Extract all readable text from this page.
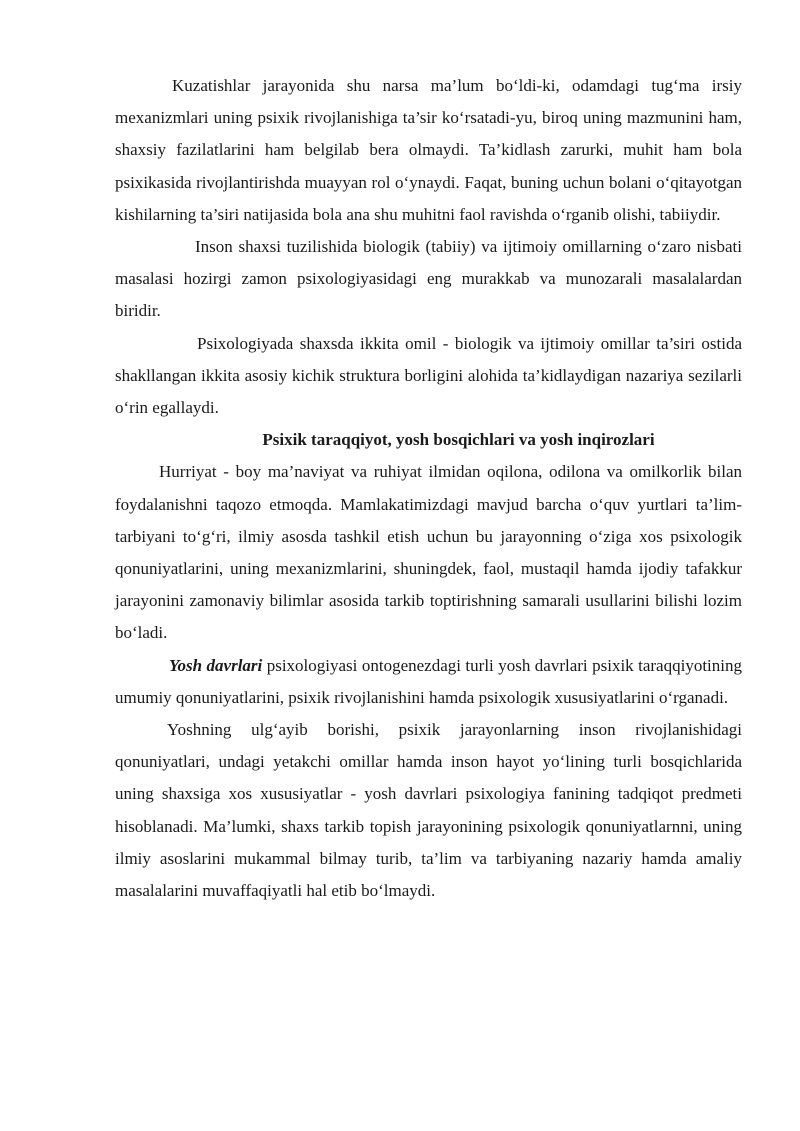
Kuzatishlar jarayonida shu narsa ma’lum bo‘ldi-ki, odamdagi tug‘ma irsiy mexanizmlari uning psixik rivojlanishiga ta’sir ko‘rsatadi-yu, biroq uning mazmunini ham, shaxsiy fazilatlarini ham belgilab bera olmaydi. Ta’kidlash zarurki, muhit ham bola psixikasida rivojlantirishda muayyan rol o‘ynaydi. Faqat, buning uchun bolani o‘qitayotgan kishilarning ta’siri natijasida bola ana shu muhitni faol ravishda o‘rganib olishi, tabiiydir.

Inson shaxsi tuzilishida biologik (tabiiy) va ijtimoiy omillarning o‘zaro nisbati masalasi hozirgi zamon psixologiyasidagi eng murakkab va munozarali masalalardan biridir.

Psixologiyada shaxsda ikkita omil - biologik va ijtimoiy omillar ta’siri ostida shakllangan ikkita asosiy kichik struktura borligini alohida ta’kidlaydigan nazariya sezilarli o‘rin egallaydi.

Psixik taraqqiyot, yosh bosqichlari va yosh inqirozlari

Hurriyat - boy ma’naviyat va ruhiyat ilmidan oqilona, odilona va omilkorlik bilan foydalanishni taqozo etmoqda. Mamlakatimizdagi mavjud barcha o‘quv yurtlari ta’lim-tarbiyani to‘g‘ri, ilmiy asosda tashkil etish uchun bu jarayonning o‘ziga xos psixologik qonuniyatlarini, uning mexanizmlarini, shuningdek, faol, mustaqil hamda ijodiy tafakkur jarayonini zamonaviy bilimlar asosida tarkib toptirishning samarali usullarini bilishi lozim bo‘ladi.

Yosh davrlari psixologiyasi ontogenezdagi turli yosh davrlari psixik taraqqiyotining umumiy qonuniyatlarini, psixik rivojlanishini hamda psixologik xususiyatlarini o‘rganadi.

Yoshning ulg‘ayib borishi, psixik jarayonlarning inson rivojlanishidagi qonuniyatlari, undagi yetakchi omillar hamda inson hayot yo‘lining turli bosqichlarida uning shaxsiga xos xususiyatlar - yosh davrlari psixologiya fanining tadqiqot predmeti hisoblanadi. Ma’lumki, shaxs tarkib topish jarayonining psixologik qonuniyatlarnni, uning ilmiy asoslarini mukammal bilmay turib, ta’lim va tarbiyaning nazariy hamda amaliy masalalarini muvaffaqiyatli hal etib bo‘lmaydi.
